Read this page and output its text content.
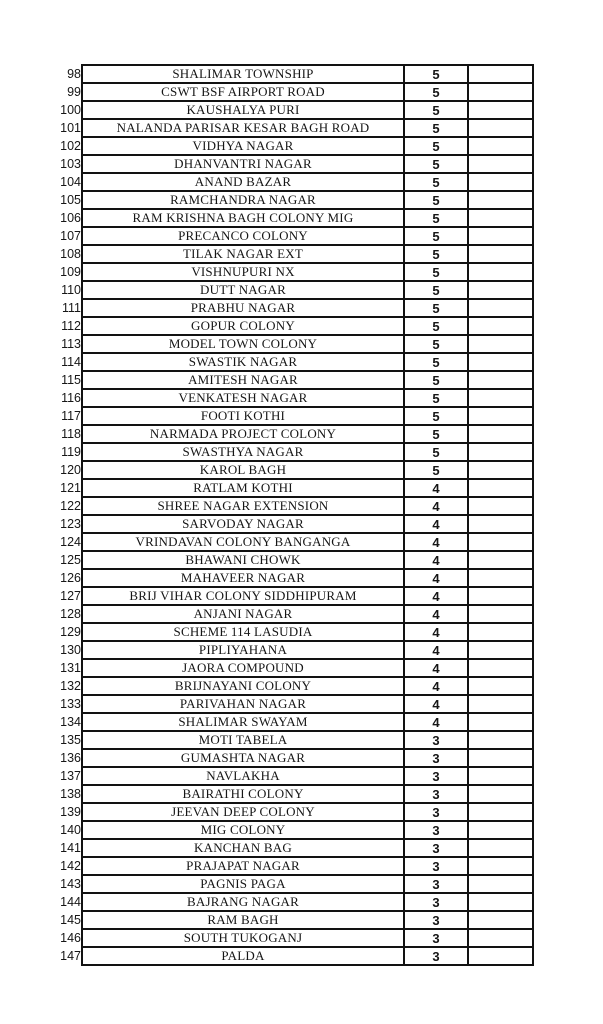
98	SHALIMAR TOWNSHIP	5	
99	CSWT BSF AIRPORT ROAD	5	
100	KAUSHALYA PURI	5	
101	NALANDA PARISAR KESAR BAGH ROAD	5	
102	VIDHYA NAGAR	5	
103	DHANVANTRI NAGAR	5	
104	ANAND BAZAR	5	
105	RAMCHANDRA NAGAR	5	
106	RAM KRISHNA BAGH COLONY MIG	5	
107	PRECANCO COLONY	5	
108	TILAK NAGAR EXT	5	
109	VISHNUPURI NX	5	
110	DUTT NAGAR	5	
111	PRABHU NAGAR	5	
112	GOPUR COLONY	5	
113	MODEL TOWN COLONY	5	
114	SWASTIK NAGAR	5	
115	AMITESH NAGAR	5	
116	VENKATESH NAGAR	5	
117	FOOTI KOTHI	5	
118	NARMADA PROJECT COLONY	5	
119	SWASTHYA NAGAR	5	
120	KAROL BAGH	5	
121	RATLAM KOTHI	4	
122	SHREE NAGAR EXTENSION	4	
123	SARVODAY NAGAR	4	
124	VRINDAVAN COLONY BANGANGA	4	
125	BHAWANI CHOWK	4	
126	MAHAVEER NAGAR	4	
127	BRIJ VIHAR COLONY SIDDHIPURAM	4	
128	ANJANI NAGAR	4	
129	SCHEME 114 LASUDIA	4	
130	PIPLIYAHANA	4	
131	JAORA COMPOUND	4	
132	BRIJNAYANI COLONY	4	
133	PARIVAHAN NAGAR	4	
134	SHALIMAR SWAYAM	4	
135	MOTI TABELA	3	
136	GUMASHTA NAGAR	3	
137	NAVLAKHA	3	
138	BAIRATHI COLONY	3	
139	JEEVAN DEEP COLONY	3	
140	MIG COLONY	3	
141	KANCHAN BAG	3	
142	PRAJAPAT NAGAR	3	
143	PAGNIS PAGA	3	
144	BAJRANG NAGAR	3	
145	RAM BAGH	3	
146	SOUTH TUKOGANJ	3	
147	PALDA	3	
